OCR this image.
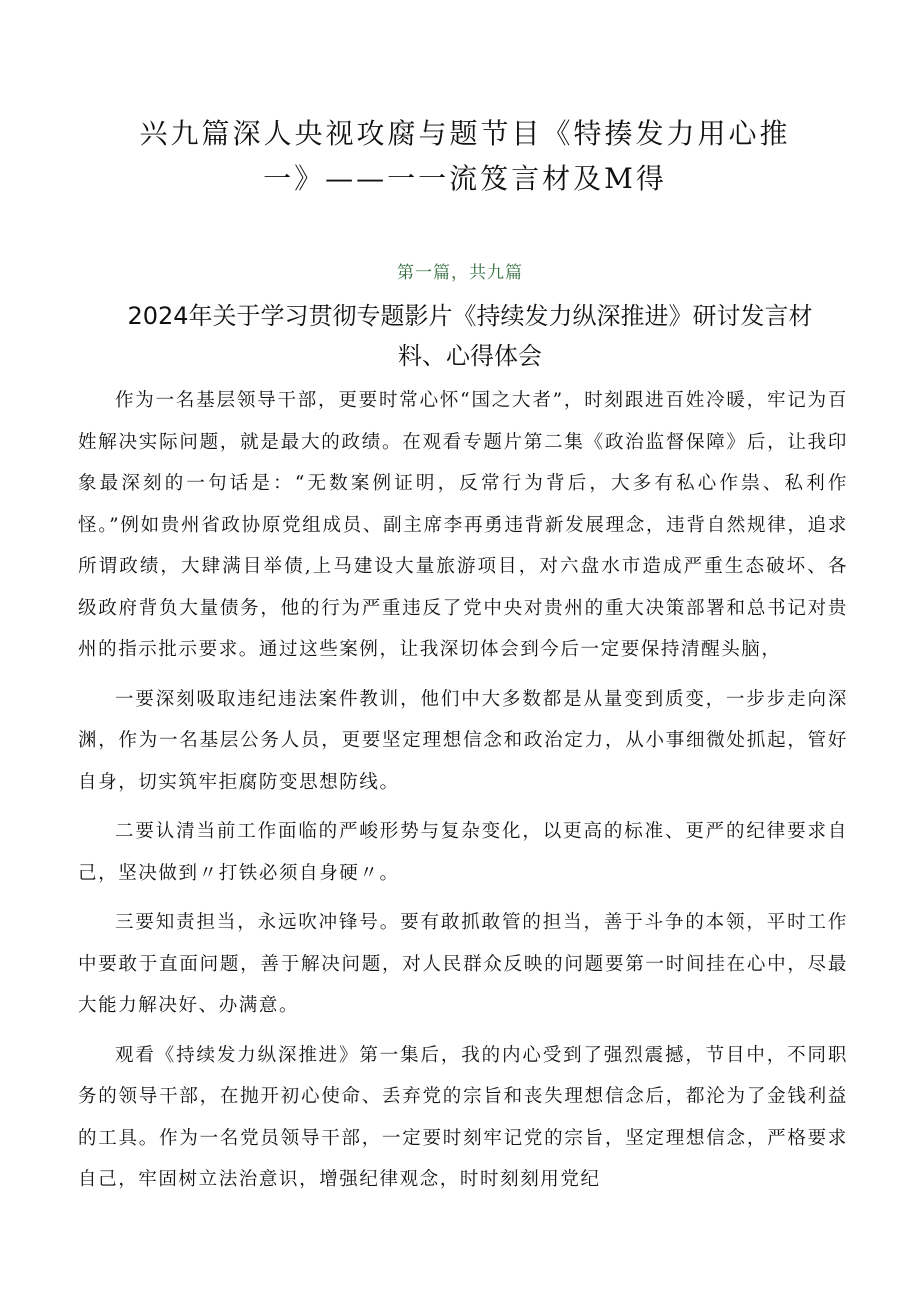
兴九篇深人央视攻腐与题节目《特揍发力用心推
一》——一一流笈言材及M得
第一篇，共九篇
2024年关于学习贯彻专题影片《持续发力纵深推进》研讨发言材料、心得体会

作为一名基层领导干部，更要时常心怀“国之大者”，时刻跟进百姓冷暖，牢记为百姓解决实际问题，就是最大的政绩。在观看专题片第二集《政治监督保障》后，让我印象最深刻的一句话是：“无数案例证明，反常行为背后，大多有私心作祟、私利作怪。”例如贵州省政协原党组成员、副主席李再勇违背新发展理念，违背自然规律，追求所谓政绩，大肆满目举债,上马建设大量旅游项目，对六盘水市造成严重生态破坏、各级政府背负大量债务，他的行为严重违反了党中央对贵州的重大决策部署和总书记对贵州的指示批示要求。通过这些案例，让我深切体会到今后一定要保持清醒头脑，

一要深刻吸取违纪违法案件教训，他们中大多数都是从量变到质变，一步步走向深渊，作为一名基层公务人员，更要坚定理想信念和政治定力，从小事细微处抓起，管好自身，切实筑牢拒腐防变思想防线。

二要认清当前工作面临的严峻形势与复杂变化，以更高的标准、更严的纪律要求自己，坚决做到〃打铁必须自身硬〃。

三要知责担当，永远吹冲锋号。要有敢抓敢管的担当，善于斗争的本领，平时工作中要敢于直面问题，善于解决问题，对人民群众反映的问题要第一时间挂在心中，尽最大能力解决好、办满意。

观看《持续发力纵深推进》第一集后，我的内心受到了强烈震撼，节目中，不同职务的领导干部，在抛开初心使命、丢弃党的宗旨和丧失理想信念后，都沦为了金钱利益的工具。作为一名党员领导干部，一定要时刻牢记党的宗旨，坚定理想信念，严格要求自己，牢固树立法治意识，增强纪律观念，时时刻刻用党纪
